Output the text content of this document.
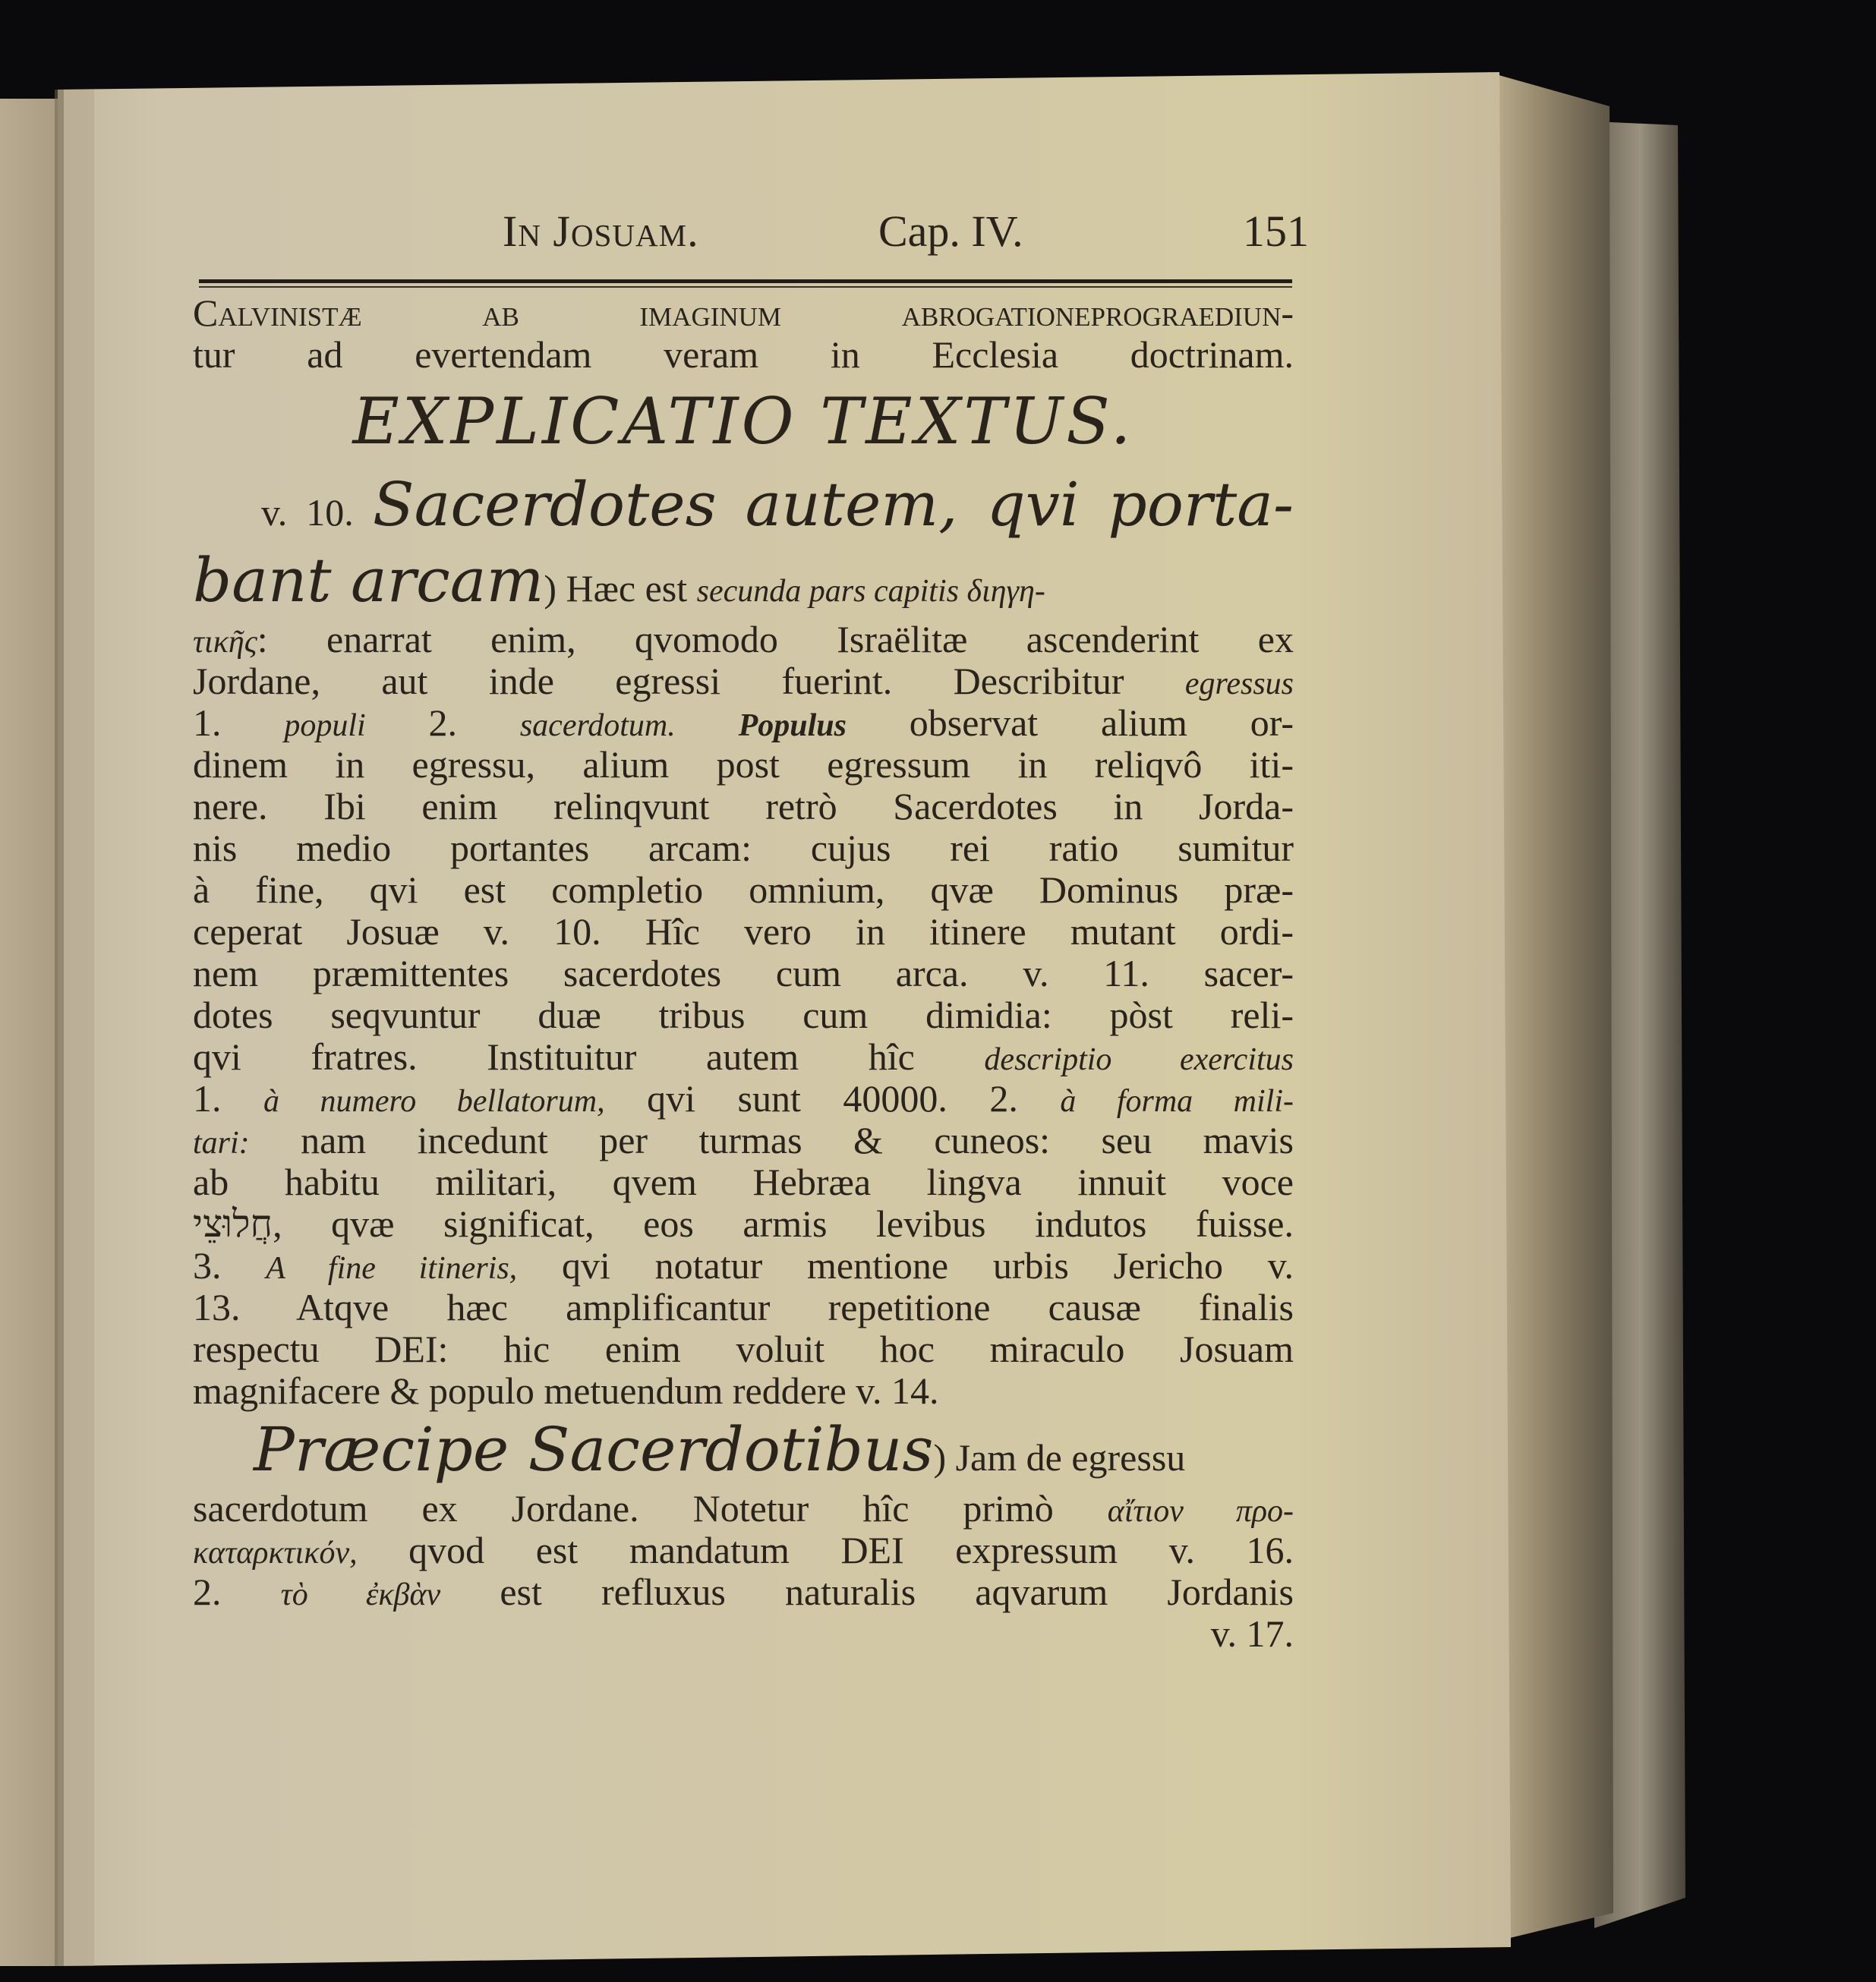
In Josuam.	Cap. IV.	151
Calvinistæ ab imaginum abrogationeprograediun-
tur ad evertendam veram in Ecclesia doctrinam.
EXPLICATIO TEXTUS.
v. 10. Sacerdotes autem, qvi porta-
bant arcam) Hæc est secunda pars capitis διηγη-
τικῆς: enarrat enim, qvomodo Israëlitæ ascenderint ex
Jordane, aut inde egressi fuerint. Describitur egressus
1. populi 2. sacerdotum. Populus observat alium or-
dinem in egressu, alium post egressum in reliqvô iti-
nere. Ibi enim relinqvunt retrò Sacerdotes in Jorda-
nis medio portantes arcam: cujus rei ratio sumitur
à fine, qvi est completio omnium, qvæ Dominus præ-
ceperat Josuæ v. 10. Hîc vero in itinere mutant ordi-
nem præmittentes sacerdotes cum arca. v. 11. sacer-
dotes seqvuntur duæ tribus cum dimidia: pòst reli-
qvi fratres. Instituitur autem hîc descriptio exercitus
1. à numero bellatorum, qvi sunt 40000. 2. à forma mili-
tari: nam incedunt per turmas & cuneos: seu mavis
ab habitu militari, qvem Hebræa lingva innuit voce
חֲלוּצֵי, qvæ significat, eos armis levibus indutos fuisse.
3. A fine itineris, qvi notatur mentione urbis Jericho v.
13. Atqve hæc amplificantur repetitione causæ finalis
respectu DEI: hic enim voluit hoc miraculo Josuam
magnifacere & populo metuendum reddere v. 14.
Præcipe Sacerdotibus) Jam de egressu
sacerdotum ex Jordane. Notetur hîc primò αἴτιον προ-
καταρκτικόν, qvod est mandatum DEI expressum v. 16.
2. τὸ ἐκβὰν est refluxus naturalis aqvarum Jordanis
v. 17.
